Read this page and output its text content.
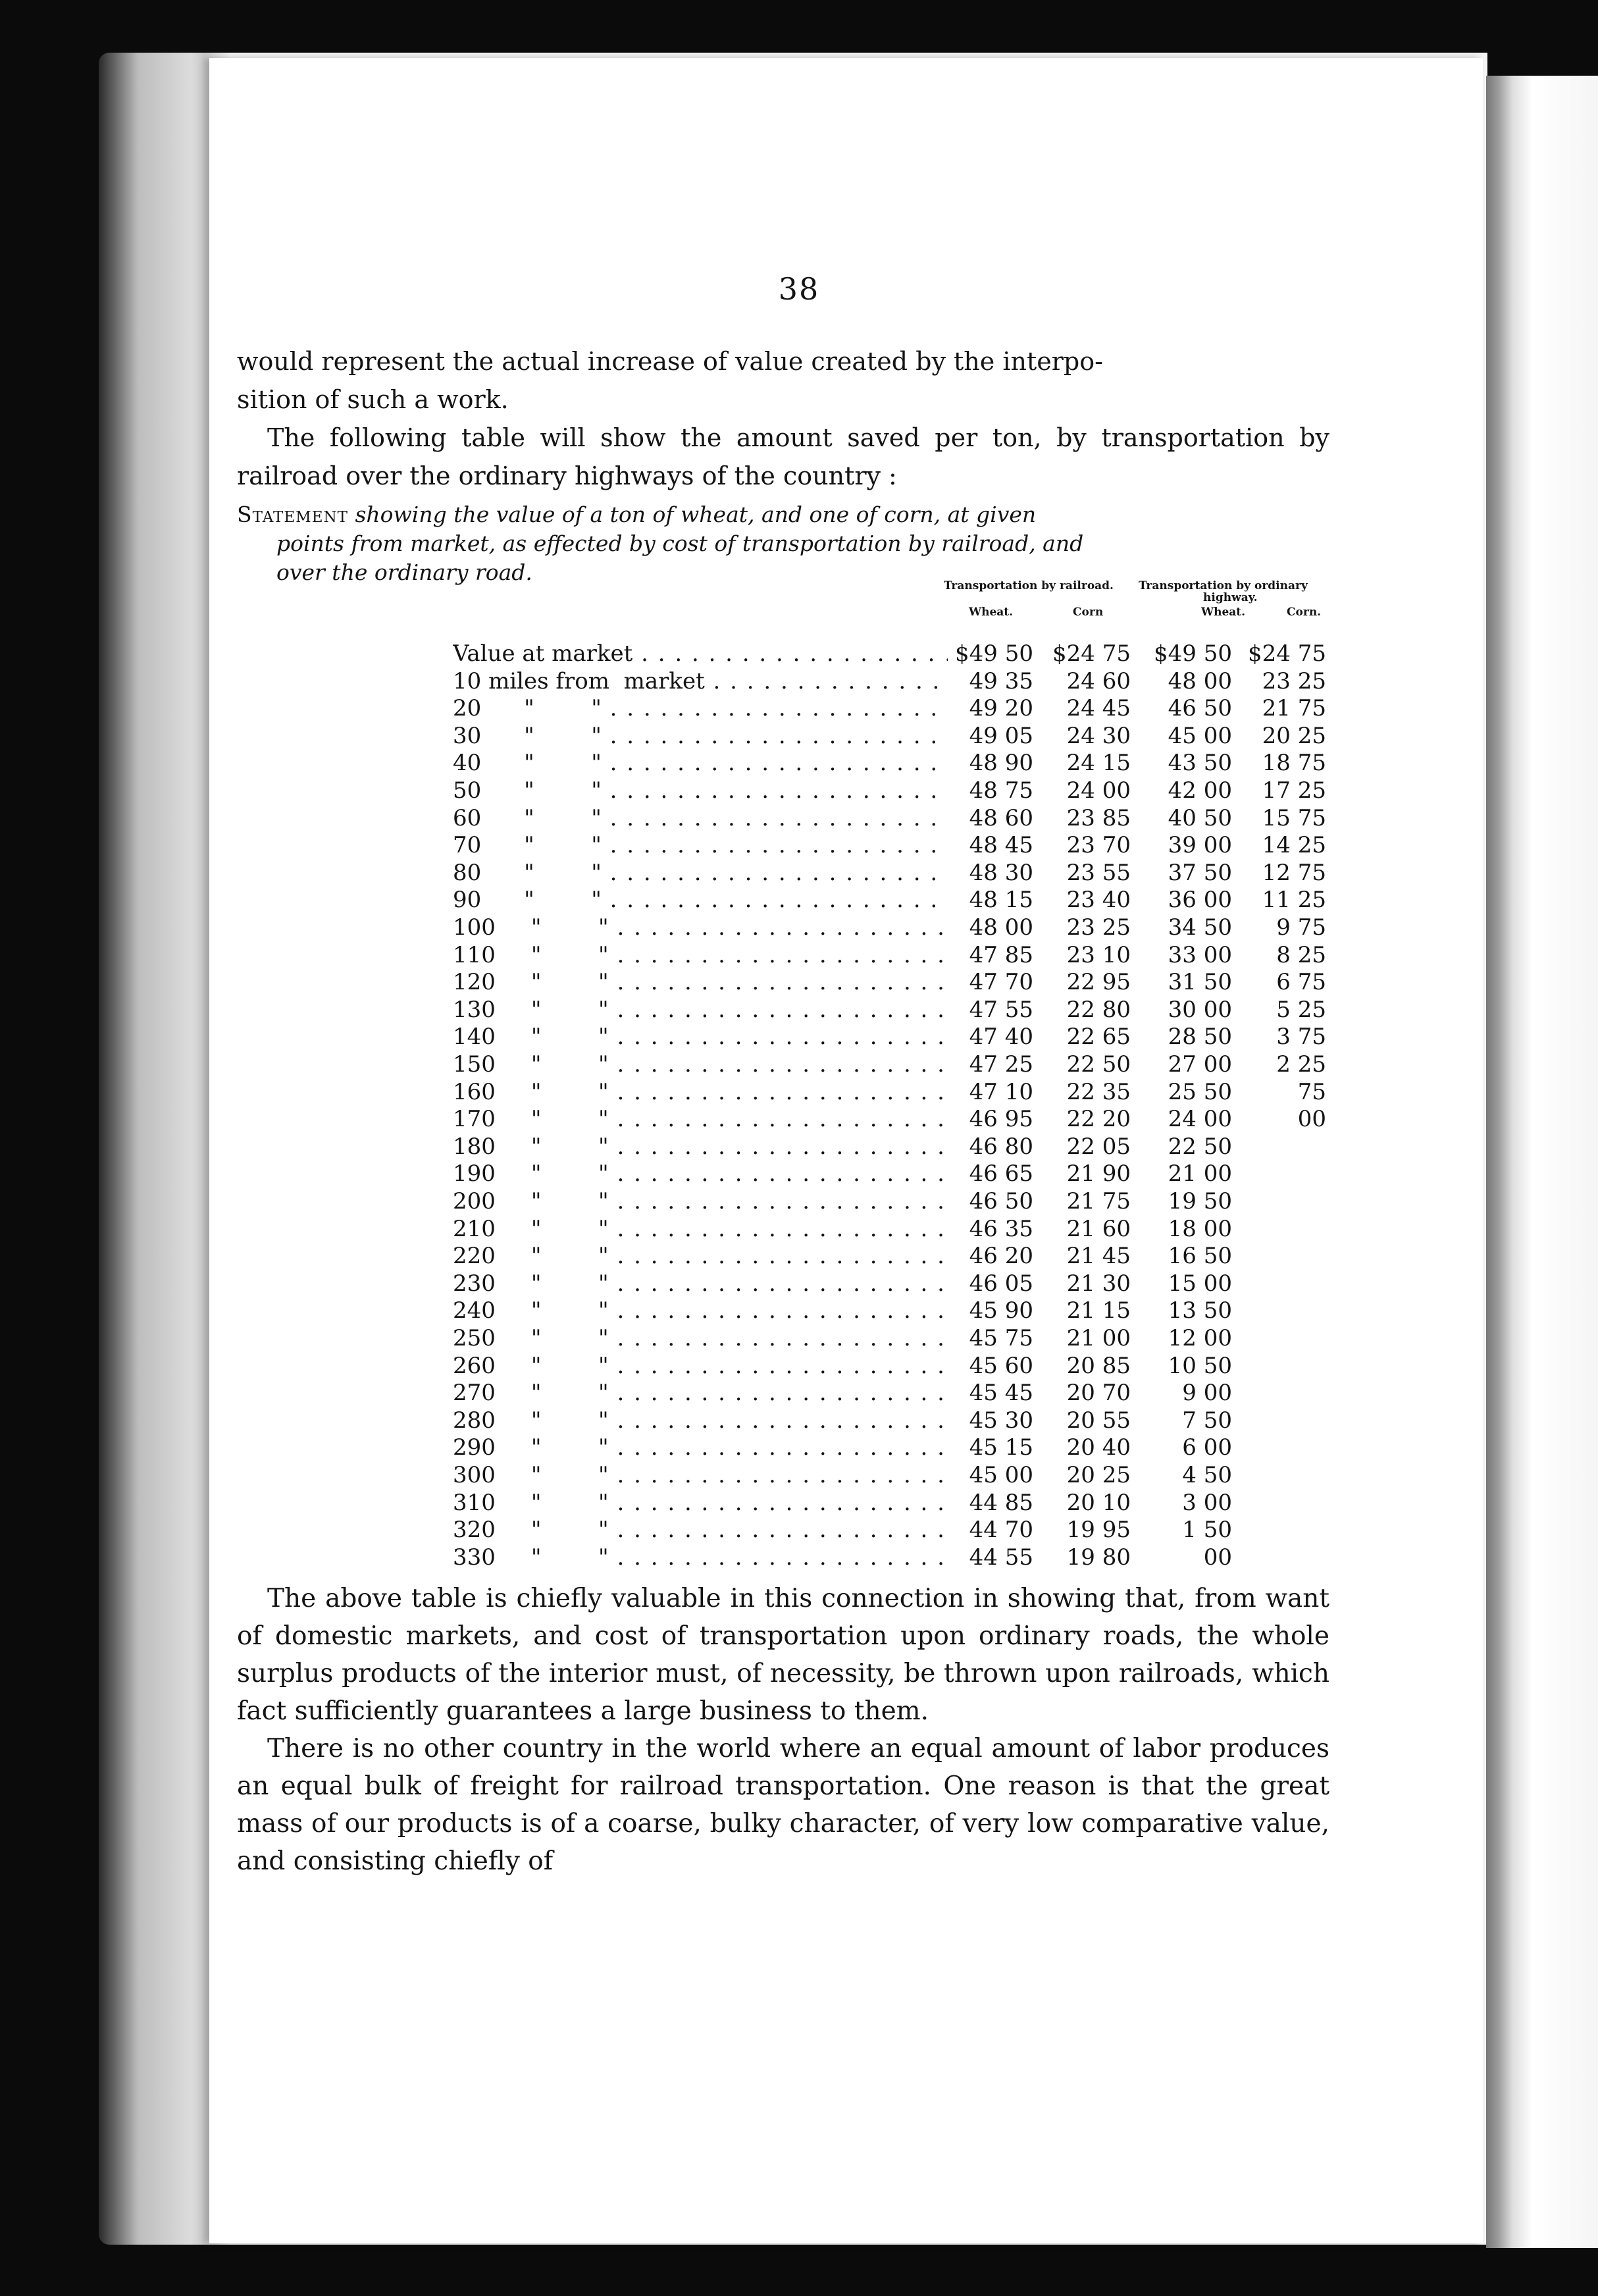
38

would represent the actual increase of value created by the interpo-

sition of such a work.

The following table will show the amount saved per ton, by transportation by railroad over the ordinary highways of the country :

Statement showing the value of a ton of wheat, and one of corn, at given
points from market, as effected by cost of transportation by railroad, and
over the ordinary road.
Transportation by railroad. Transportation by ordinary
highway.
Wheat.	Corn	Wheat.	Corn.
Value at market . . .	$49 50 $24 75	$49 50 $24 75
10 miles from  market . . .	49 35	24 60	48 00	23 25
20      "        " . . .	49 20	24 45	46 50	21 75
30      "        " . . .	49 05	24 30	45 00	20 25
40      "        " . . .	48 90	24 15	43 50	18 75
50      "        " . . .	48 75	24 00	42 00	17 25
60      "        " . . .	48 60	23 85	40 50	15 75
70      "        " . . .	48 45	23 70	39 00	14 25
80      "        " . . .	48 30	23 55	37 50	12 75
90      "        " . . .	48 15	23 40	36 00	11 25
100     "        " . . .	48 00	23 25	34 50	9 75
110     "        " . . .	47 85	23 10	33 00	8 25
120     "        " . . .	47 70	22 95	31 50	6 75
130     "        " . . .	47 55	22 80	30 00	5 25
140     "        " . . .	47 40	22 65	28 50	3 75
150     "        " . . .	47 25	22 50	27 00	2 25
160     "        " . . .	47 10	22 35	25 50	75
170     "        " . . .	46 95	22 20	24 00	00
180     "        " . . .	46 80	22 05	22 50
190     "        " . . .	46 65	21 90	21 00
200     "        " . . .	46 50	21 75	19 50
210     "        " . . .	46 35	21 60	18 00
220     "        " . . .	46 20	21 45	16 50
230     "        " . . .	46 05	21 30	15 00
240     "        " . . .	45 90	21 15	13 50
250     "        " . . .	45 75	21 00	12 00
260     "        " . . .	45 60	20 85	10 50
270     "        " . . .	45 45	20 70	9 00
280     "        " . . .	45 30	20 55	7 50
290     "        " . . .	45 15	20 40	6 00
300     "        " . . .	45 00	20 25	4 50
310     "        " . . .	44 85	20 10	3 00
320     "        " . . .	44 70	19 95	1 50
330     "        " . . .	44 55	19 80	00

The above table is chiefly valuable in this connection in showing that, from want of domestic markets, and cost of transportation upon ordinary roads, the whole surplus products of the interior must, of necessity, be thrown upon railroads, which fact sufficiently guarantees a large business to them.

There is no other country in the world where an equal amount of labor produces an equal bulk of freight for railroad transportation. One reason is that the great mass of our products is of a coarse, bulky character, of very low comparative value, and consisting chiefly of
